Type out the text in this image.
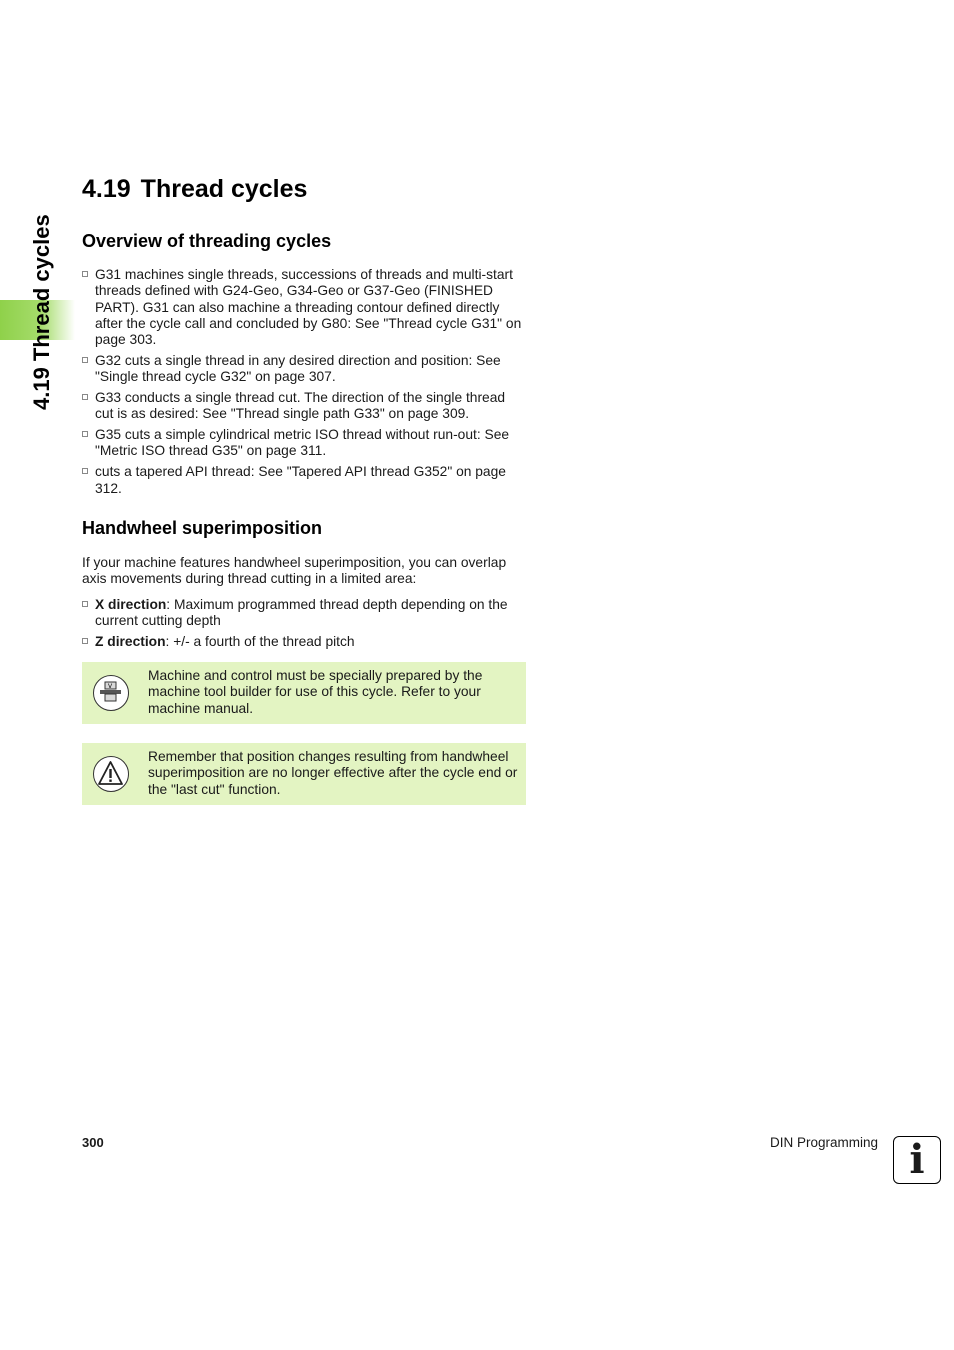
4.19 Thread cycles
4.19 Thread cycles
Overview of threading cycles
G31 machines single threads, successions of threads and multi-start threads defined with G24-Geo, G34-Geo or G37-Geo (FINISHED PART). G31 can also machine a threading contour defined directly after the cycle call and concluded by G80: See "Thread cycle G31" on page 303.
G32 cuts a single thread in any desired direction and position: See "Single thread cycle G32" on page 307.
G33 conducts a single thread cut. The direction of the single thread cut is as desired: See "Thread single path G33" on page 309.
G35 cuts a simple cylindrical metric ISO thread without run-out: See "Metric ISO thread G35" on page 311.
cuts a tapered API thread: See "Tapered API thread G352" on page 312.
Handwheel superimposition

If your machine features handwheel superimposition, you can overlap axis movements during thread cutting in a limited area:

X direction: Maximum programmed thread depth depending on the current cutting depth
Z direction: +/- a fourth of the thread pitch
V
Machine and control must be specially prepared by the machine tool builder for use of this cycle. Refer to your machine manual.
Remember that position changes resulting from handwheel superimposition are no longer effective after the cycle end or the "last cut" function.
300	DIN Programming i
